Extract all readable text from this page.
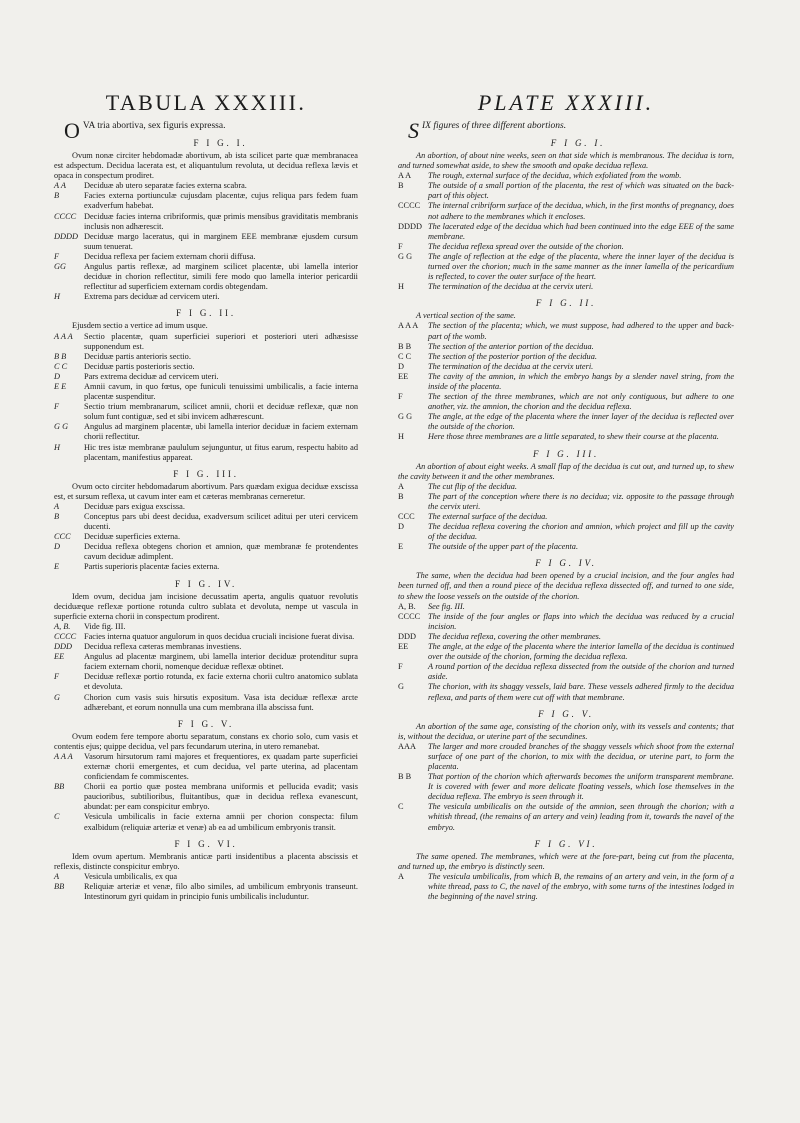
TABULA XXXIII.

OVA tria abortiva, sex figuris expressa.

F I G. I.

Ovum nonæ circiter hebdomadæ abortivum, ab ista scilicet parte quæ membranacea est adspectum. Decidua lacerata est, et aliquantulum revoluta, ut decidua reflexa lævis et opaca in conspectum prodiret.

A A	Deciduæ ab utero separatæ facies externa scabra.

B	Facies externa portiunculæ cujusdam placentæ, cujus reliqua pars fedem fuam exadverfum habebat.

CCCC Deciduæ facies interna cribriformis, quæ primis mensibus graviditatis membranis inclusis non adhærescit.

DDDD Deciduæ margo laceratus, qui in marginem EEE membranæ ejusdem cursum suum tenuerat.

F	Decidua reflexa per faciem externam chorii diffusa.

GG	Angulus partis reflexæ, ad marginem scilicet placentæ, ubi lamella interior deciduæ in chorion reflectitur, simili fere modo quo lamella interior pericardii reflectitur ad superficiem externam cordis obtegendam.

H	Extrema pars deciduæ ad cervicem uteri.

F I G. II.

Ejusdem sectio a vertice ad imum usque.

A A A	Sectio placentæ, quam superficiei superiori et posteriori uteri adhæsisse supponendum est.

B B	Deciduæ partis anterioris sectio.

C C	Deciduæ partis posterioris sectio.

D	Pars extrema deciduæ ad cervicem uteri.

E E	Amnii cavum, in quo fœtus, ope funiculi tenuissimi umbilicalis, a facie interna placentæ suspenditur.

F	Sectio trium membranarum, scilicet amnii, chorii et deciduæ reflexæ, quæ non solum funt contiguæ, sed et sibi invicem adhærescunt.

G G	Angulus ad marginem placentæ, ubi lamella interior deciduæ in faciem externam chorii reflectitur.

H	Hic tres istæ membranæ paululum sejunguntur, ut fitus earum, respectu habito ad placentam, manifestius appareat.

F I G. III.

Ovum octo circiter hebdomadarum abortivum. Pars quædam exigua deciduæ exscissa est, et sursum reflexa, ut cavum inter eam et cæteras membranas cerneretur.

A	Deciduæ pars exigua exscissa.

B	Conceptus pars ubi deest decidua, exadversum scilicet aditui per uteri cervicem ducenti.

CCC	Deciduæ superficies externa.

D	Decidua reflexa obtegens chorion et amnion, quæ membranæ fe protendentes cavum deciduæ adimplent.

E	Partis superioris placentæ facies externa.

F I G. IV.

Idem ovum, decidua jam incisione decussatim aperta, angulis quatuor revolutis deciduæque reflexæ portione rotunda cultro sublata et devoluta, nempe ut vascula in superficie externa chorii in conspectum prodirent.

A, B.	Vide fig. III.

CCCC Facies interna quatuor angulorum in quos decidua cruciali incisione fuerat divisa.

DDD	Decidua reflexa cæteras membranas investiens.

EE	Angulus ad placentæ marginem, ubi lamella interior deciduæ protenditur supra faciem externam chorii, nomenque deciduæ reflexæ obtinet.

F	Deciduæ reflexæ portio rotunda, ex facie externa chorii cultro anatomico sublata et devoluta.

G	Chorion cum vasis suis hirsutis expositum. Vasa ista deciduæ reflexæ arcte adhærebant, et eorum nonnulla una cum membrana illa abscissa funt.

F I G. V.

Ovum eodem fere tempore abortu separatum, constans ex chorio solo, cum vasis et contentis ejus; quippe decidua, vel pars fecundarum uterina, in utero remanebat.

A A A	Vasorum hirsutorum rami majores et frequentiores, ex quadam parte superficiei externæ chorii emergentes, et cum decidua, vel parte uterina, ad placentam conficiendam fe commiscentes.

BB	Chorii ea portio quæ postea membrana uniformis et pellucida evadit; vasis paucioribus, subtilioribus, fluitantibus, quæ in decidua reflexa evanescunt, abundat: per eam conspicitur embryo.

C	Vesicula umbilicalis in facie externa amnii per chorion conspecta: filum exalbidum (reliquiæ arteriæ et venæ) ab ea ad umbilicum embryonis transit.

F I G. VI.

Idem ovum apertum. Membranis anticæ parti insidentibus a placenta abscissis et reflexis, distincte conspicitur embryo.

A	Vesicula umbilicalis, ex qua

BB	Reliquiæ arteriæ et venæ, filo albo similes, ad umbilicum embryonis transeunt. Intestinorum gyri quidam in principio funis umbilicalis includuntur.

PLATE XXXIII.

SIX figures of three different abortions.

F I G. I.

An abortion, of about nine weeks, seen on that side which is membranous. The decidua is torn, and turned somewhat aside, to shew the smooth and opake decidua reflexa.

A A	The rough, external surface of the decidua, which exfoliated from the womb.

B	The outside of a small portion of the placenta, the rest of which was situated on the back-part of this object.

CCCC The internal cribriform surface of the decidua, which, in the first months of pregnancy, does not adhere to the membranes which it encloses.

DDDD The lacerated edge of the decidua which had been continued into the edge EEE of the same membrane.

F	The decidua reflexa spread over the outside of the chorion.

G G	The angle of reflection at the edge of the placenta, where the inner layer of the decidua is turned over the chorion; much in the same manner as the inner lamella of the pericardium is reflected, to cover the outer surface of the heart.

H	The termination of the decidua at the cervix uteri.

F I G. II.

A vertical section of the same.

A A A	The section of the placenta; which, we must suppose, had adhered to the upper and back-part of the womb.

B B	The section of the anterior portion of the decidua.

C C	The section of the posterior portion of the decidua.

D	The termination of the decidua at the cervix uteri.

EE	The cavity of the amnion, in which the embryo hangs by a slender navel string, from the inside of the placenta.

F	The section of the three membranes, which are not only contiguous, but adhere to one another, viz. the amnion, the chorion and the decidua reflexa.

G G	The angle, at the edge of the placenta where the inner layer of the decidua is reflected over the outside of the chorion.

H	Here those three membranes are a little separated, to shew their course at the placenta.

F I G. III.

An abortion of about eight weeks. A small flap of the decidua is cut out, and turned up, to shew the cavity between it and the other membranes.

A	The cut flip of the decidua.

B	The part of the conception where there is no decidua; viz. opposite to the passage through the cervix uteri.

CCC	The external surface of the decidua.

D	The decidua reflexa covering the chorion and amnion, which project and fill up the cavity of the decidua.

E	The outside of the upper part of the placenta.

F I G. IV.

The same, when the decidua had been opened by a crucial incision, and the four angles had been turned off, and then a round piece of the decidua reflexa dissected off, and turned to one side, to shew the loose vessels on the outside of the chorion.

A, B.	See fig. III.

CCCC The inside of the four angles or flaps into which the decidua was reduced by a crucial incision.

DDD	The decidua reflexa, covering the other membranes.

EE	The angle, at the edge of the placenta where the interior lamella of the decidua is continued over the outside of the chorion, forming the decidua reflexa.

F	A round portion of the decidua reflexa dissected from the outside of the chorion and turned aside.

G	The chorion, with its shaggy vessels, laid bare. These vessels adhered firmly to the decidua reflexa, and parts of them were cut off with that membrane.

F I G. V.

An abortion of the same age, consisting of the chorion only, with its vessels and contents; that is, without the decidua, or uterine part of the secundines.

AAA	The larger and more crouded branches of the shaggy vessels which shoot from the external surface of one part of the chorion, to mix with the decidua, or uterine part, to form the placenta.

B B	That portion of the chorion which afterwards becomes the uniform transparent membrane. It is covered with fewer and more delicate floating vessels, which lose themselves in the decidua reflexa. The embryo is seen through it.

C	The vesicula umbilicalis on the outside of the amnion, seen through the chorion; with a whitish thread, (the remains of an artery and vein) leading from it, towards the navel of the embryo.

F I G. VI.

The same opened. The membranes, which were at the fore-part, being cut from the placenta, and turned up, the embryo is distinctly seen.

A	The vesicula umbilicalis, from which B, the remains of an artery and vein, in the form of a white thread, pass to C, the navel of the embryo, with some turns of the intestines lodged in the beginning of the navel string.
